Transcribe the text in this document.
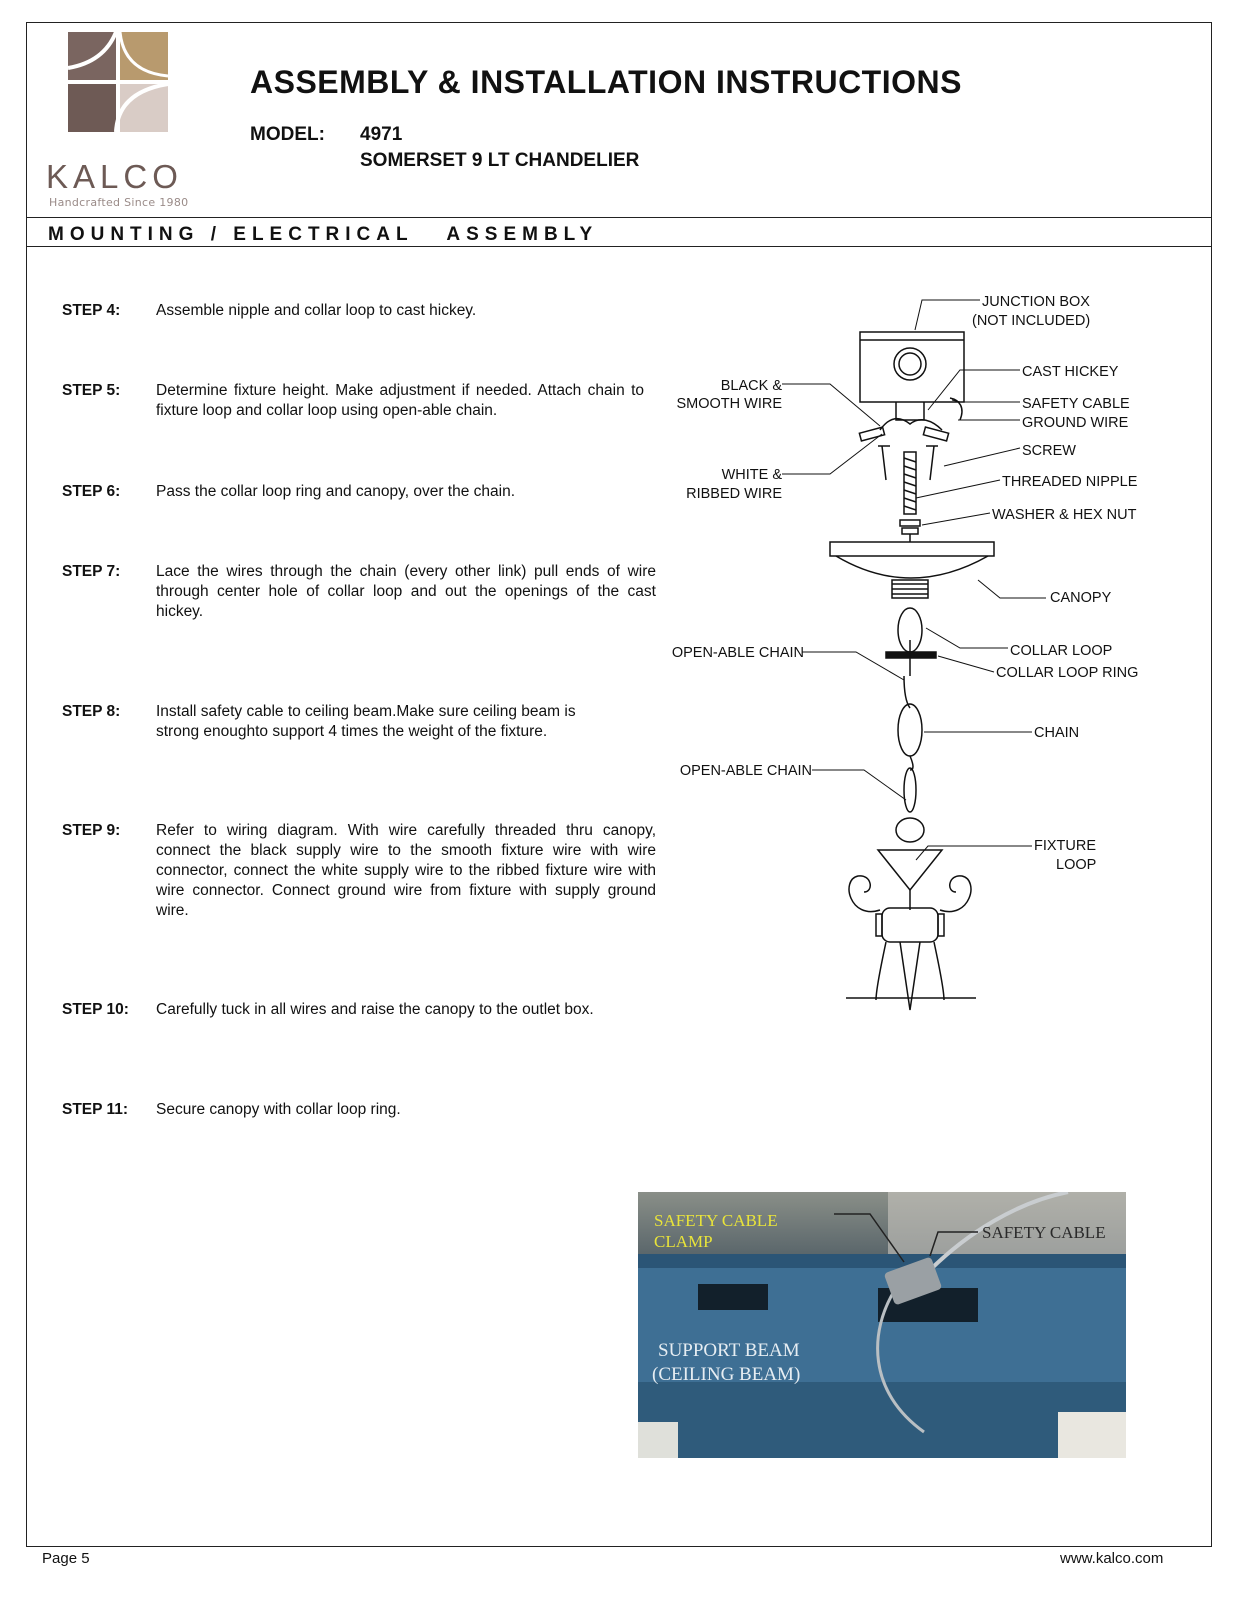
KALCO
Handcrafted Since 1980
ASSEMBLY & INSTALLATION INSTRUCTIONS
MODEL: 4971
SOMERSET 9 LT CHANDELIER
MOUNTING / ELECTRICAL   ASSEMBLY
STEP 4: Assemble nipple and collar loop to cast hickey.
STEP 5: Determine fixture height. Make adjustment if needed. Attach chain to fixture loop and collar loop using open-able chain.
STEP 6: Pass the collar loop ring and canopy, over the chain.
STEP 7: Lace the wires through the chain (every other link) pull ends of wire through center hole of collar loop and out the openings of the cast hickey.
STEP 8: Install safety cable to ceiling beam.Make sure ceiling beam is strong enoughto support 4 times the weight of the fixture.
STEP 9: Refer to wiring diagram. With wire carefully threaded thru canopy, connect the black supply wire to the smooth fixture wire with wire connector, connect the white supply wire to the ribbed fixture wire with wire connector. Connect ground wire from fixture with supply ground wire.
STEP 10: Carefully tuck in all wires and raise the canopy to the outlet box.
STEP 11: Secure canopy with collar loop ring.
JUNCTION BOX
(NOT INCLUDED)
CAST HICKEY
SAFETY CABLE
GROUND WIRE
SCREW
THREADED NIPPLE
WASHER & HEX NUT
CANOPY
COLLAR LOOP
COLLAR LOOP RING
CHAIN
FIXTURE
LOOP
BLACK &
SMOOTH WIRE
WHITE &
RIBBED WIRE
OPEN-ABLE CHAIN
OPEN-ABLE CHAIN
SAFETY CABLE
CLAMP	SAFETY CABLE
SUPPORT BEAM
(CEILING BEAM)
Page 5	www.kalco.com
